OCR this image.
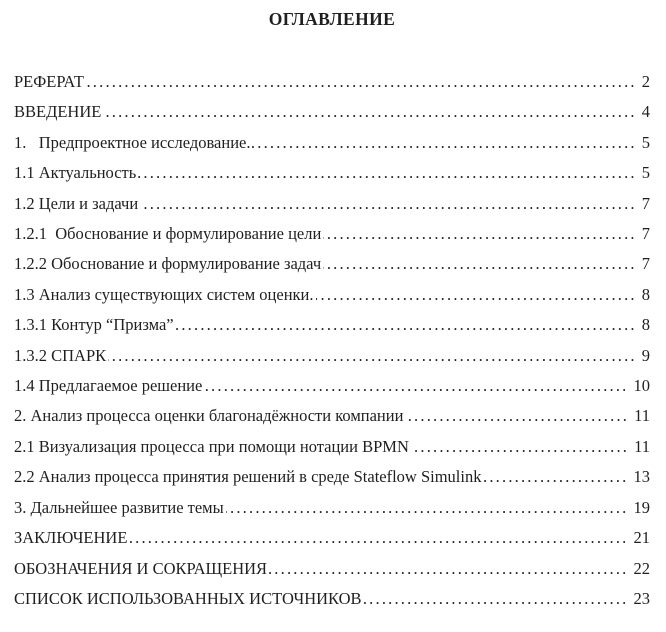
ОГЛАВЛЕНИЕ
РЕФЕРАТ .....	2
ВВЕДЕНИЕ .....	4
1.   Предпроектное исследование. .....	5
1.1 Актуальность .....	5
1.2 Цели и задачи .....	7
1.2.1  Обоснование и формулирование цели .....	7
1.2.2 Обоснование и формулирование задач .....	7
1.3 Анализ существующих систем оценки. .....	8
1.3.1 Контур “Призма” .....	8
1.3.2 СПАРК .....	9
1.4 Предлагаемое решение .....	10
2. Анализ процесса оценки благонадёжности компании .....	11
2.1 Визуализация процесса при помощи нотации BPMN .....	11
2.2 Анализ процесса принятия решений в среде Stateflow Simulink .....	13
3. Дальнейшее развитие темы .....	19
ЗАКЛЮЧЕНИЕ .....	21
ОБОЗНАЧЕНИЯ И СОКРАЩЕНИЯ .....	22
СПИСОК ИСПОЛЬЗОВАННЫХ ИСТОЧНИКОВ .....	23
